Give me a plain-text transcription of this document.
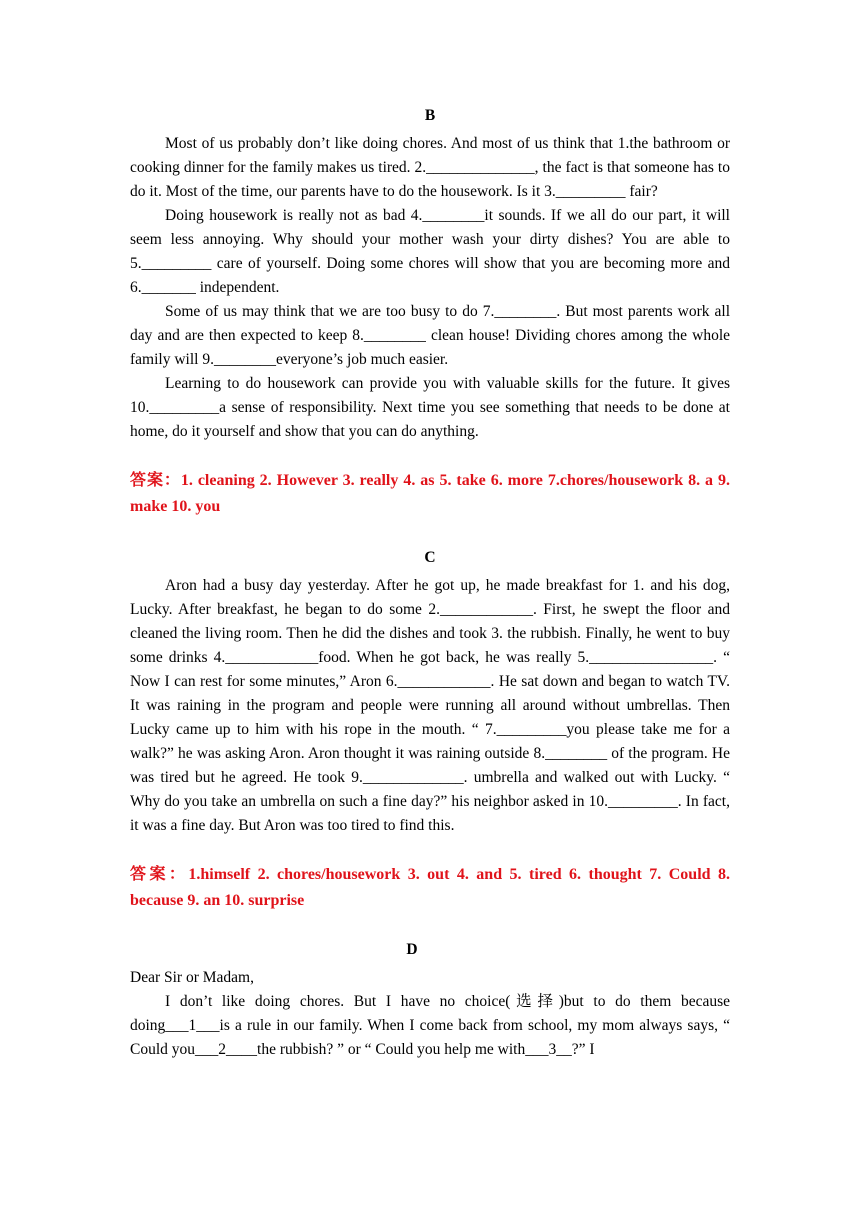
B

Most of us probably don’t like doing chores. And most of us think that 1.the bathroom or cooking dinner for the family makes us tired. 2.______________, the fact is that someone has to do it. Most of the time, our parents have to do the housework. Is it 3._________ fair?

Doing housework is really not as bad 4.________it sounds. If we all do our part, it will seem less annoying. Why should your mother wash your dirty dishes? You are able to 5._________ care of yourself. Doing some chores will show that you are becoming more and 6._______ independent.

Some of us may think that we are too busy to do 7.________. But most parents work all day and are then expected to keep 8.________ clean house! Dividing chores among the whole family will 9.________everyone’s job much easier.

Learning to do housework can provide you with valuable skills for the future. It gives 10._________a sense of responsibility. Next time you see something that needs to be done at home, do it yourself and show that you can do anything.

答案：1. cleaning 2. However 3. really 4. as 5. take 6. more 7.chores/housework 8. a 9. make 10. you

C

Aron had a busy day yesterday. After he got up, he made breakfast for 1. and his dog, Lucky. After breakfast, he began to do some 2.____________. First, he swept the floor and cleaned the living room. Then he did the dishes and took 3. the rubbish. Finally, he went to buy some drinks 4.____________food. When he got back, he was really 5.________________. “ Now I can rest for some minutes,” Aron 6.____________. He sat down and began to watch TV. It was raining in the program and people were running all around without umbrellas. Then Lucky came up to him with his rope in the mouth. “ 7._________you please take me for a walk?” he was asking Aron. Aron thought it was raining outside 8.________ of the program. He was tired but he agreed. He took 9._____________. umbrella and walked out with Lucky. “ Why do you take an umbrella on such a fine day?” his neighbor asked in 10._________. In fact, it was a fine day. But Aron was too tired to find this.

答案：1.himself 2. chores/housework 3. out 4. and 5. tired 6. thought 7. Could 8. because 9. an 10. surprise

D

Dear Sir or Madam,

I don’t like doing chores. But I have no choice(选择)but to do them because doing___1___is a rule in our family. When I come back from school, my mom always says, “ Could you___2____the rubbish? ” or “ Could you help me with___3__?” I
